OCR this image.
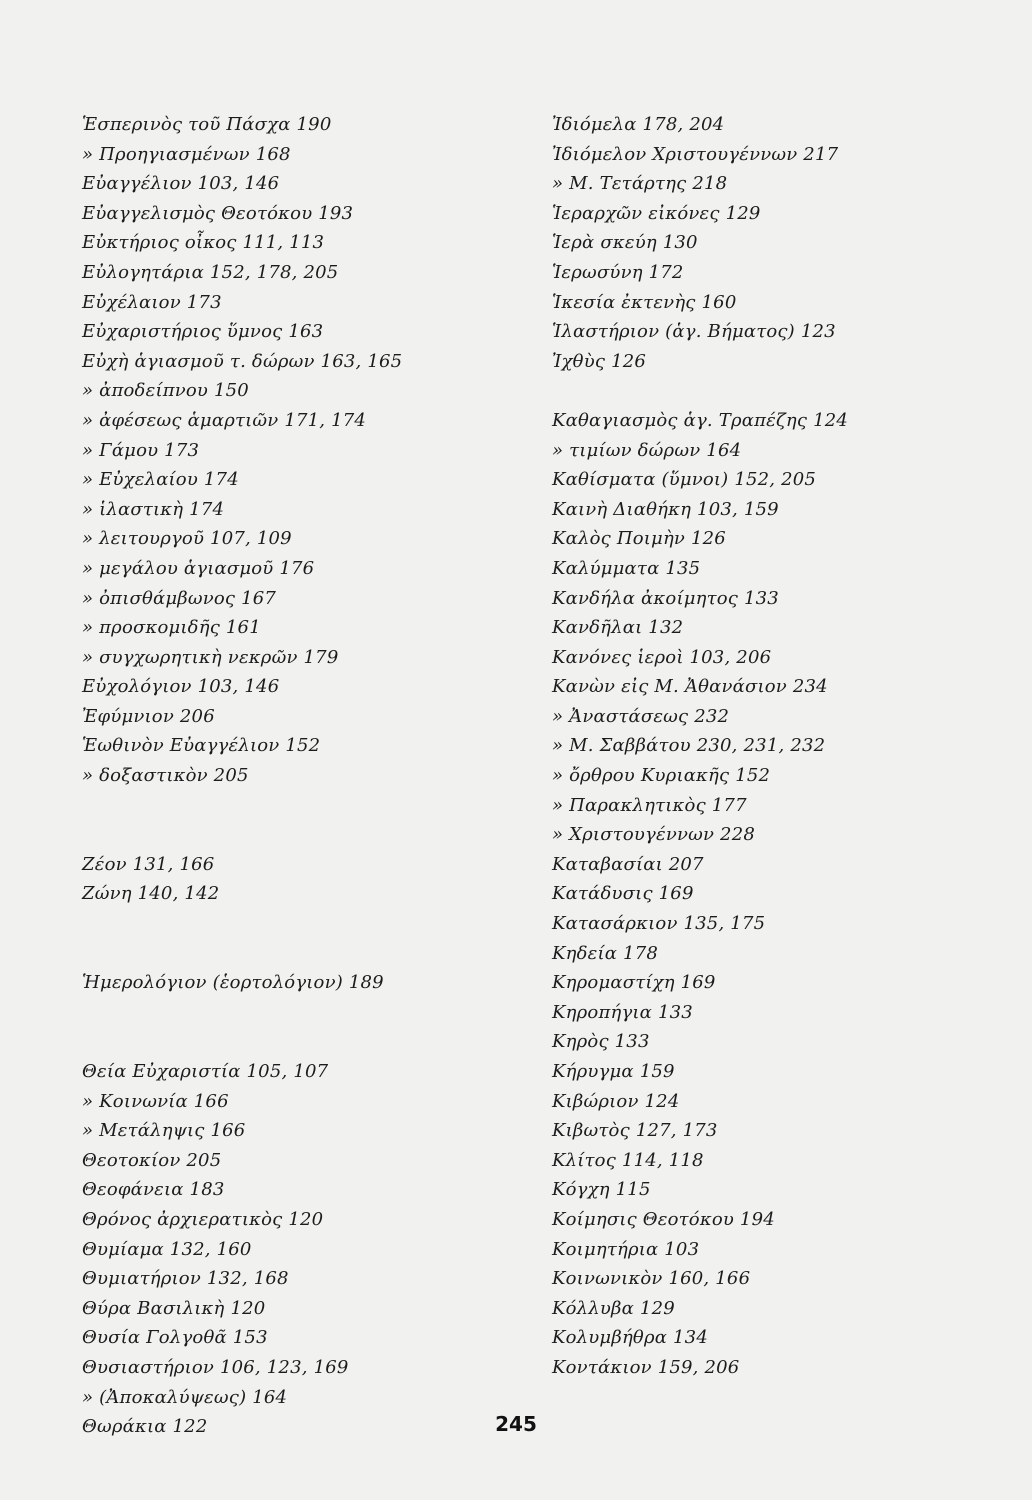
Ἑσπερινὸς τοῦ Πάσχα 190
» Προηγιασμένων 168
Εὐαγγέλιον 103, 146
Εὐαγγελισμὸς Θεοτόκου 193
Εὐκτήριος οἶκος 111, 113
Εὐλογητάρια 152, 178, 205
Εὐχέλαιον 173
Εὐχαριστήριος ὕμνος 163
Εὐχὴ ἁγιασμοῦ τ. δώρων 163, 165
» ἀποδείπνου 150
» ἀφέσεως ἁμαρτιῶν 171, 174
» Γάμου 173
» Εὐχελαίου 174
» ἱλαστικὴ 174
» λειτουργοῦ 107, 109
» μεγάλου ἁγιασμοῦ 176
» ὀπισθάμβωνος 167
» προσκομιδῆς 161
» συγχωρητικὴ νεκρῶν 179
Εὐχολόγιον 103, 146
Ἐφύμνιον 206
Ἑωθινὸν Εὐαγγέλιον 152
» δοξαστικὸν 205
Ζέον 131, 166
Ζώνη 140, 142
Ἡμερολόγιον (ἑορτολόγιον) 189
Θεία Εὐχαριστία 105, 107
» Κοινωνία 166
» Μετάληψις 166
Θεοτοκίον 205
Θεοφάνεια 183
Θρόνος ἀρχιερατικὸς 120
Θυμίαμα 132, 160
Θυμιατήριον 132, 168
Θύρα Βασιλικὴ 120
Θυσία Γολγοθᾶ 153
Θυσιαστήριον 106, 123, 169
» (Ἀποκαλύψεως) 164
Θωράκια 122
Ἰδιόμελα 178, 204
Ἰδιόμελον Χριστουγέννων 217
» Μ. Τετάρτης 218
Ἱεραρχῶν εἰκόνες 129
Ἱερὰ σκεύη 130
Ἱερωσύνη 172
Ἱκεσία ἐκτενὴς 160
Ἱλαστήριον (ἁγ. Βήματος) 123
Ἰχθὺς 126
Καθαγιασμὸς ἁγ. Τραπέζης 124
» τιμίων δώρων 164
Καθίσματα (ὕμνοι) 152, 205
Καινὴ Διαθήκη 103, 159
Καλὸς Ποιμὴν 126
Καλύμματα 135
Κανδήλα ἀκοίμητος 133
Κανδῆλαι 132
Κανόνες ἱεροὶ 103, 206
Κανὼν εἰς Μ. Ἀθανάσιον 234
» Ἀναστάσεως 232
» Μ. Σαββάτου 230, 231, 232
» ὄρθρου Κυριακῆς 152
» Παρακλητικὸς 177
» Χριστουγέννων 228
Καταβασίαι 207
Κατάδυσις 169
Κατασάρκιον 135, 175
Κηδεία 178
Κηρομαστίχη 169
Κηροπήγια 133
Κηρὸς 133
Κήρυγμα 159
Κιβώριον 124
Κιβωτὸς 127, 173
Κλίτος 114, 118
Κόγχη 115
Κοίμησις Θεοτόκου 194
Κοιμητήρια 103
Κοινωνικὸν 160, 166
Κόλλυβα 129
Κολυμβήθρα 134
Κοντάκιον 159, 206
245
